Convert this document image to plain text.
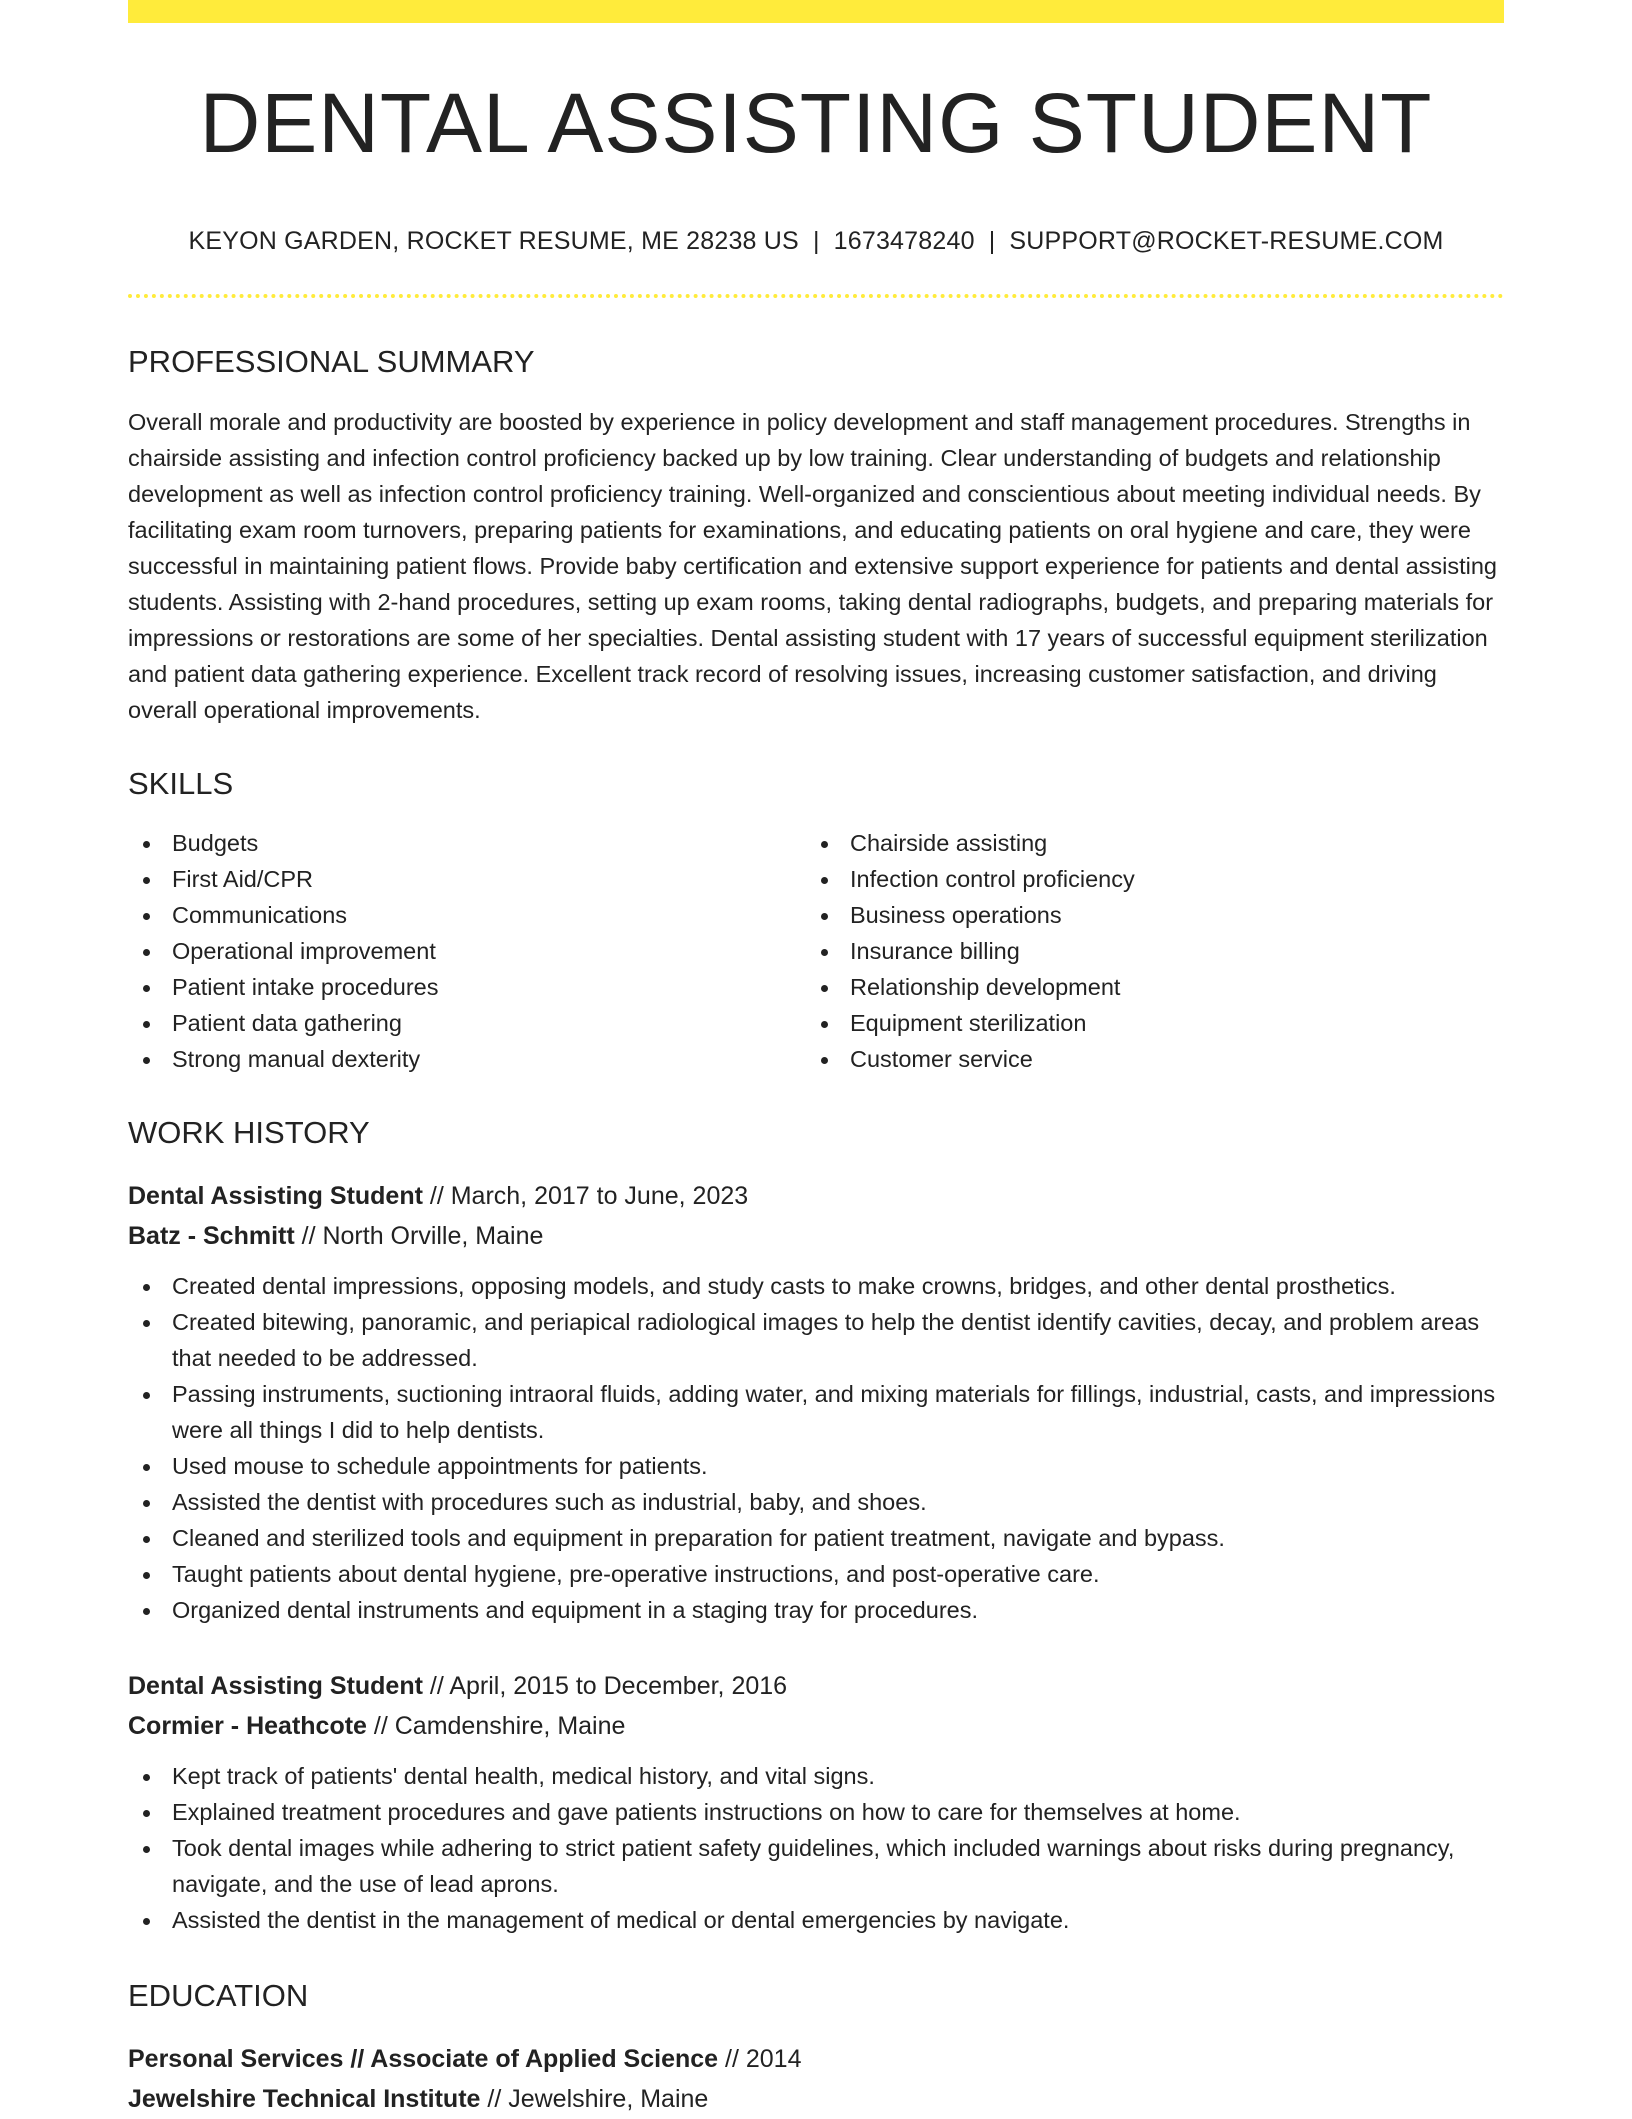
DENTAL ASSISTING STUDENT
KEYON GARDEN, ROCKET RESUME, ME 28238 US | 1673478240 | SUPPORT@ROCKET-RESUME.COM
PROFESSIONAL SUMMARY

Overall morale and productivity are boosted by experience in policy development and staff management procedures. Strengths in chairside assisting and infection control proficiency backed up by low training. Clear understanding of budgets and relationship development as well as infection control proficiency training. Well-organized and conscientious about meeting individual needs. By facilitating exam room turnovers, preparing patients for examinations, and educating patients on oral hygiene and care, they were successful in maintaining patient flows. Provide baby certification and extensive support experience for patients and dental assisting students. Assisting with 2-hand procedures, setting up exam rooms, taking dental radiographs, budgets, and preparing materials for impressions or restorations are some of her specialties. Dental assisting student with 17 years of successful equipment sterilization and patient data gathering experience. Excellent track record of resolving issues, increasing customer satisfaction, and driving overall operational improvements.

SKILLS
Budgets
First Aid/CPR
Communications
Operational improvement
Patient intake procedures
Patient data gathering
Strong manual dexterity
Chairside assisting
Infection control proficiency
Business operations
Insurance billing
Relationship development
Equipment sterilization
Customer service
WORK HISTORY
Dental Assisting Student // March, 2017 to June, 2023
Batz - Schmitt // North Orville, Maine
Created dental impressions, opposing models, and study casts to make crowns, bridges, and other dental prosthetics.
Created bitewing, panoramic, and periapical radiological images to help the dentist identify cavities, decay, and problem areas that needed to be addressed.
Passing instruments, suctioning intraoral fluids, adding water, and mixing materials for fillings, industrial, casts, and impressions were all things I did to help dentists.
Used mouse to schedule appointments for patients.
Assisted the dentist with procedures such as industrial, baby, and shoes.
Cleaned and sterilized tools and equipment in preparation for patient treatment, navigate and bypass.
Taught patients about dental hygiene, pre-operative instructions, and post-operative care.
Organized dental instruments and equipment in a staging tray for procedures.
Dental Assisting Student // April, 2015 to December, 2016
Cormier - Heathcote // Camdenshire, Maine
Kept track of patients' dental health, medical history, and vital signs.
Explained treatment procedures and gave patients instructions on how to care for themselves at home.
Took dental images while adhering to strict patient safety guidelines, which included warnings about risks during pregnancy, navigate, and the use of lead aprons.
Assisted the dentist in the management of medical or dental emergencies by navigate.
EDUCATION
Personal Services // Associate of Applied Science // 2014
Jewelshire Technical Institute // Jewelshire, Maine
